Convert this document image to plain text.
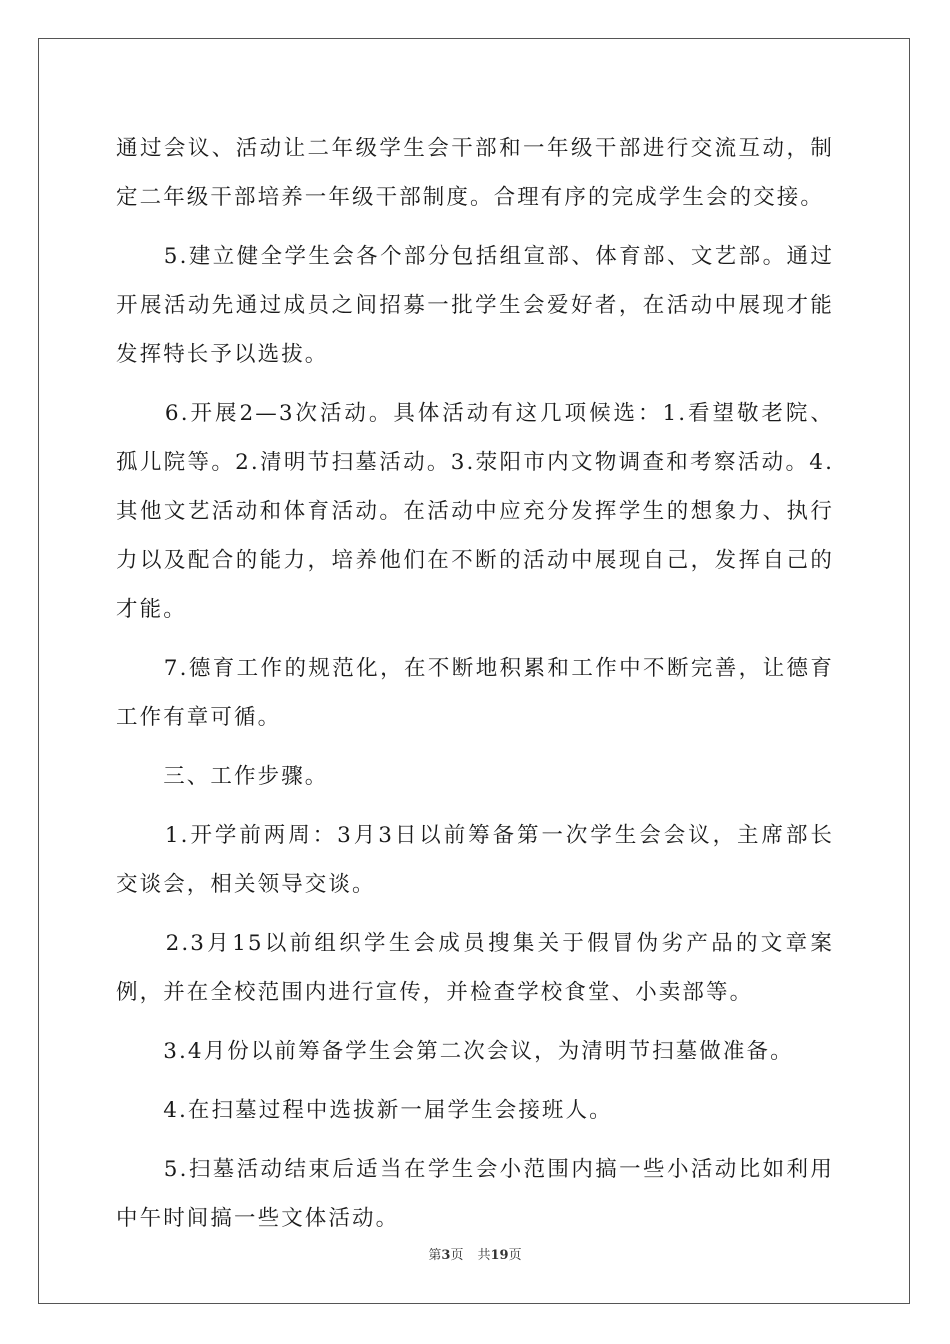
通过会议、活动让二年级学生会干部和一年级干部进行交流互动，制
定二年级干部培养一年级干部制度。合理有序的完成学生会的交接。
　　5.建立健全学生会各个部分包括组宣部、体育部、文艺部。通过
开展活动先通过成员之间招募一批学生会爱好者，在活动中展现才能
发挥特长予以选拔。
　　6.开展2—3次活动。具体活动有这几项候选：1.看望敬老院、
孤儿院等。2.清明节扫墓活动。3.荥阳市内文物调查和考察活动。4.
其他文艺活动和体育活动。在活动中应充分发挥学生的想象力、执行
力以及配合的能力，培养他们在不断的活动中展现自己，发挥自己的
才能。
　　7.德育工作的规范化，在不断地积累和工作中不断完善，让德育
工作有章可循。
　　三、工作步骤。
　　1.开学前两周：3月3日以前筹备第一次学生会会议，主席部长
交谈会，相关领导交谈。
　　2.3月15以前组织学生会成员搜集关于假冒伪劣产品的文章案
例，并在全校范围内进行宣传，并检查学校食堂、小卖部等。
　　3.4月份以前筹备学生会第二次会议，为清明节扫墓做准备。
　　4.在扫墓过程中选拔新一届学生会接班人。
　　5.扫墓活动结束后适当在学生会小范围内搞一些小活动比如利用
中午时间搞一些文体活动。
第3页 共19页
